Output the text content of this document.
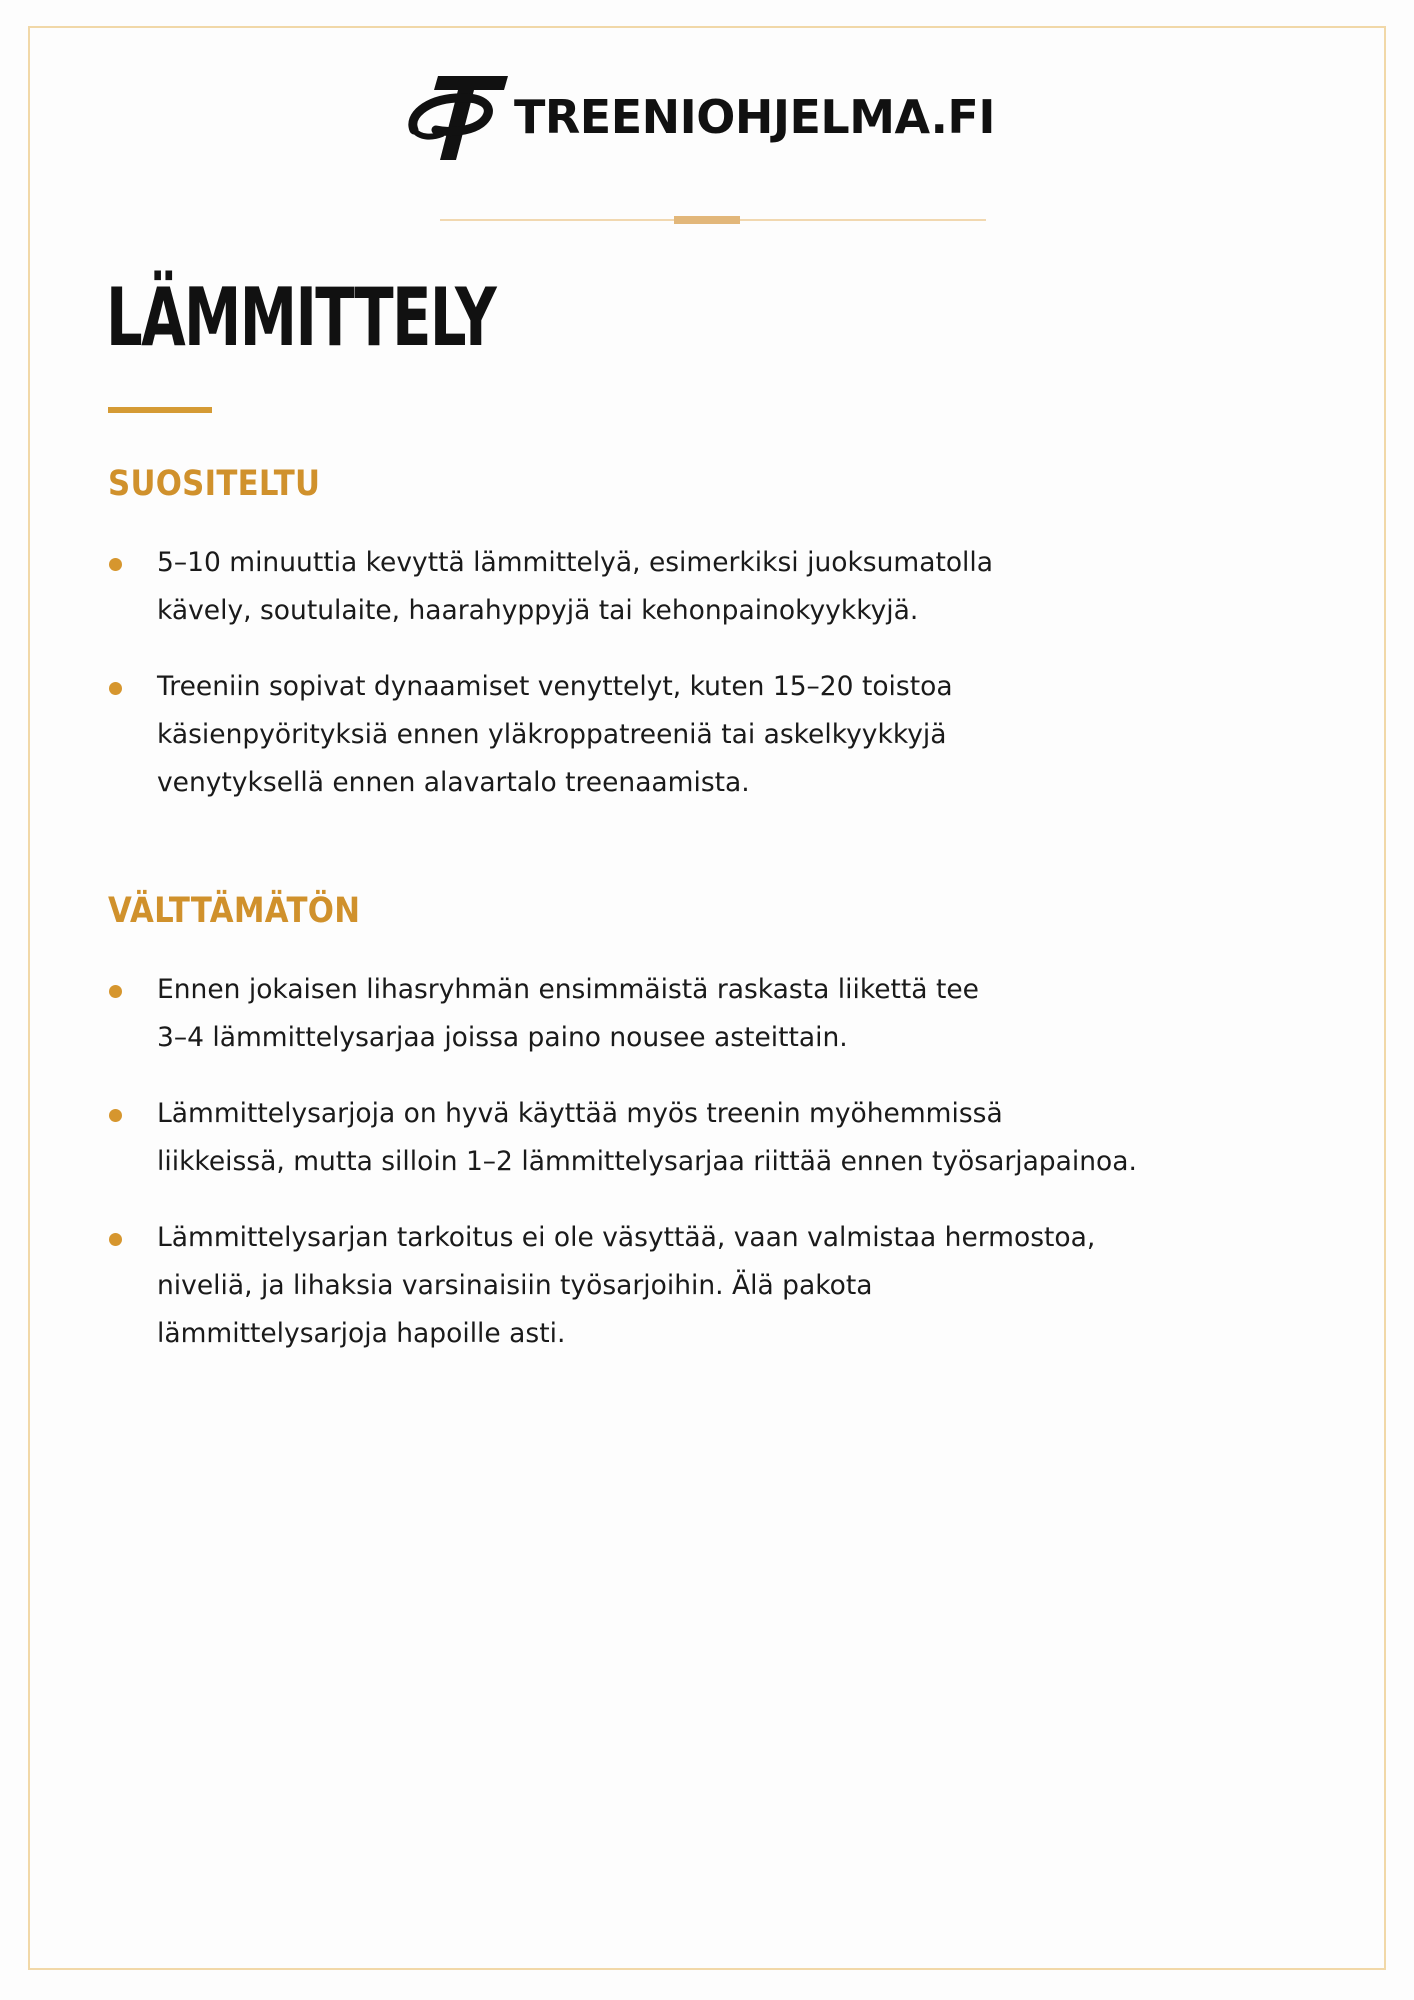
TREENIOHJELMA.FI
LÄMMITTELY
SUOSITELTU
5–10 minuuttia kevyttä lämmittelyä, esimerkiksi juoksumatolla
kävely, soutulaite, haarahyppyjä tai kehonpainokyykkyjä.
Treeniin sopivat dynaamiset venyttelyt, kuten 15–20 toistoa
käsienpyörityksiä ennen yläkroppatreeniä tai askelkyykkyjä
venytyksellä ennen alavartalo treenaamista.
VÄLTTÄMÄTÖN
Ennen jokaisen lihasryhmän ensimmäistä raskasta liikettä tee
3–4 lämmittelysarjaa joissa paino nousee asteittain.
Lämmittelysarjoja on hyvä käyttää myös treenin myöhemmissä
liikkeissä, mutta silloin 1–2 lämmittelysarjaa riittää ennen työsarjapainoa.
Lämmittelysarjan tarkoitus ei ole väsyttää, vaan valmistaa hermostoa,
niveliä, ja lihaksia varsinaisiin työsarjoihin. Älä pakota
lämmittelysarjoja hapoille asti.
